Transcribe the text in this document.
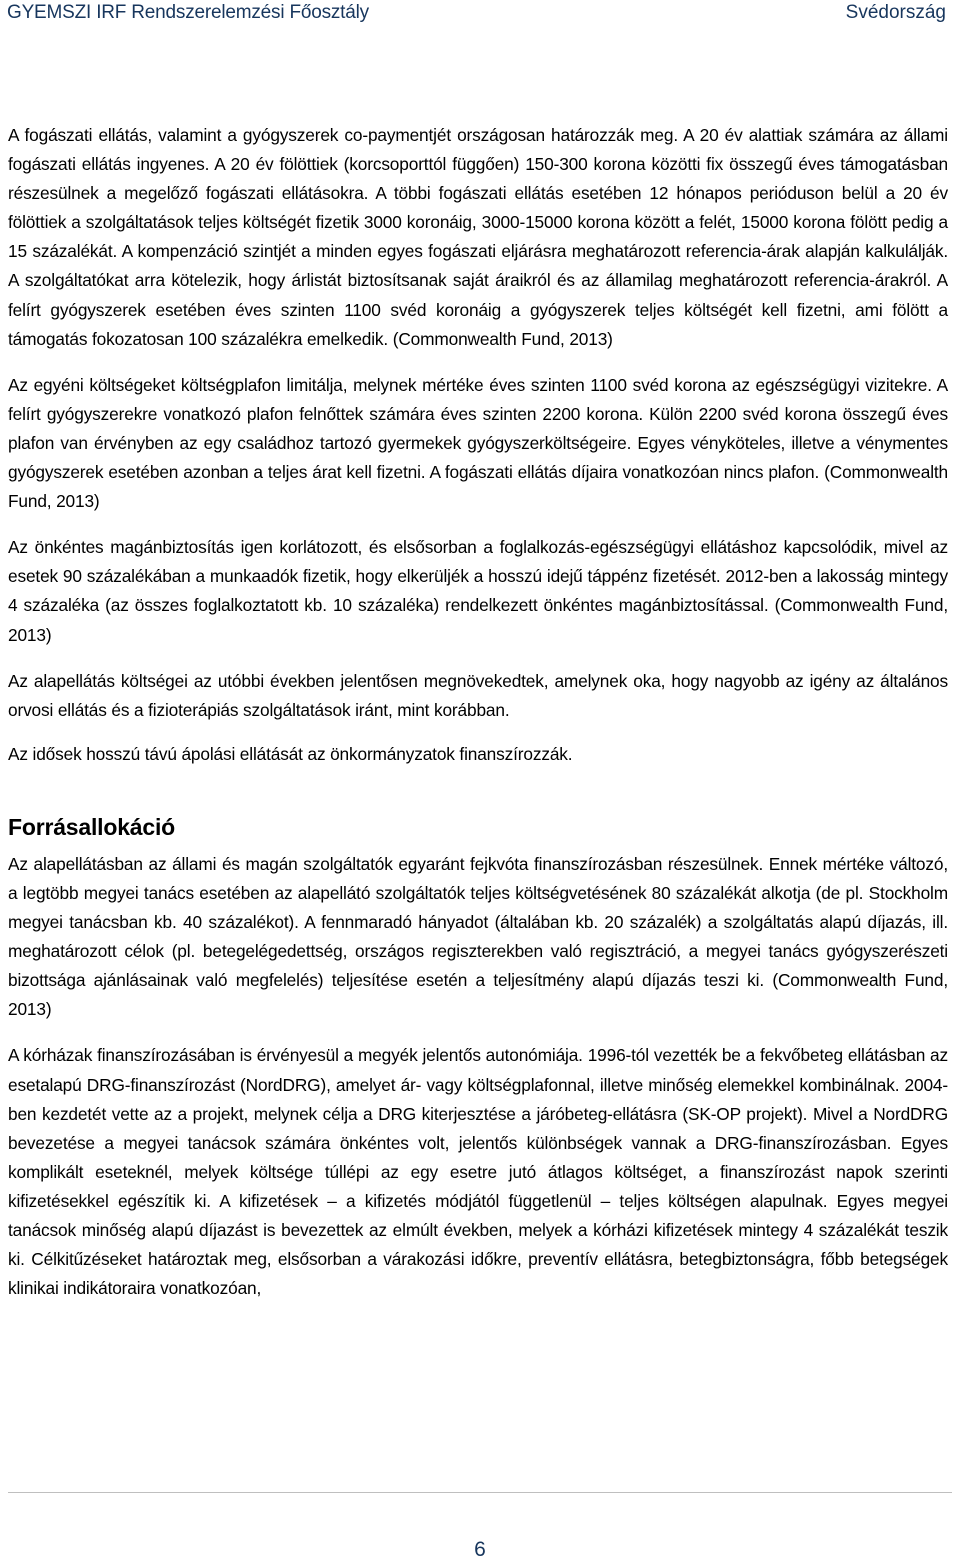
GYEMSZI IRF Rendszerelemzési Főosztály	Svédország

A fogászati ellátás, valamint a gyógyszerek co-paymentjét országosan határozzák meg. A 20 év alattiak számára az állami fogászati ellátás ingyenes. A 20 év fölöttiek (korcsoporttól függően) 150-300 korona közötti fix összegű éves támogatásban részesülnek a megelőző fogászati ellátásokra. A többi fogászati ellátás esetében 12 hónapos perióduson belül a 20 év fölöttiek a szolgáltatások teljes költségét fizetik 3000 koronáig, 3000-15000 korona között a felét, 15000 korona fölött pedig a 15 százalékát. A kompenzáció szintjét a minden egyes fogászati eljárásra meghatározott referencia-árak alapján kalkulálják. A szolgáltatókat arra kötelezik, hogy árlistát biztosítsanak saját áraikról és az államilag meghatározott referencia-árakról. A felírt gyógyszerek esetében éves szinten 1100 svéd koronáig a gyógyszerek teljes költségét kell fizetni, ami fölött a támogatás fokozatosan 100 százalékra emelkedik. (Commonwealth Fund, 2013)

Az egyéni költségeket költségplafon limitálja, melynek mértéke éves szinten 1100 svéd korona az egészségügyi vizitekre. A felírt gyógyszerekre vonatkozó plafon felnőttek számára éves szinten 2200 korona. Külön 2200 svéd korona összegű éves plafon van érvényben az egy családhoz tartozó gyermekek gyógyszerköltségeire. Egyes vényköteles, illetve a vénymentes gyógyszerek esetében azonban a teljes árat kell fizetni. A fogászati ellátás díjaira vonatkozóan nincs plafon. (Commonwealth Fund, 2013)

Az önkéntes magánbiztosítás igen korlátozott, és elsősorban a foglalkozás-egészségügyi ellátáshoz kapcsolódik, mivel az esetek 90 százalékában a munkaadók fizetik, hogy elkerüljék a hosszú idejű táppénz fizetését. 2012-ben a lakosság mintegy 4 százaléka (az összes foglalkoztatott kb. 10 százaléka) rendelkezett önkéntes magánbiztosítással. (Commonwealth Fund, 2013)

Az alapellátás költségei az utóbbi években jelentősen megnövekedtek, amelynek oka, hogy nagyobb az igény az általános orvosi ellátás és a fizioterápiás szolgáltatások iránt, mint korábban.

Az idősek hosszú távú ápolási ellátását az önkormányzatok finanszírozzák.

Forrásallokáció

Az alapellátásban az állami és magán szolgáltatók egyaránt fejkvóta finanszírozásban részesülnek. Ennek mértéke változó, a legtöbb megyei tanács esetében az alapellátó szolgáltatók teljes költségvetésének 80 százalékát alkotja (de pl. Stockholm megyei tanácsban kb. 40 százalékot). A fennmaradó hányadot (általában kb. 20 százalék) a szolgáltatás alapú díjazás, ill. meghatározott célok (pl. betegelégedettség, országos regiszterekben való regisztráció, a megyei tanács gyógyszerészeti bizottsága ajánlásainak való megfelelés) teljesítése esetén a teljesítmény alapú díjazás teszi ki. (Commonwealth Fund, 2013)

A kórházak finanszírozásában is érvényesül a megyék jelentős autonómiája. 1996-tól vezették be a fekvőbeteg ellátásban az esetalapú DRG-finanszírozást (NordDRG), amelyet ár- vagy költségplafonnal, illetve minőség elemekkel kombinálnak. 2004-ben kezdetét vette az a projekt, melynek célja a DRG kiterjesztése a járóbeteg-ellátásra (SK-OP projekt). Mivel a NordDRG bevezetése a megyei tanácsok számára önkéntes volt, jelentős különbségek vannak a DRG-finanszírozásban. Egyes komplikált eseteknél, melyek költsége túllépi az egy esetre jutó átlagos költséget, a finanszírozást napok szerinti kifizetésekkel egészítik ki. A kifizetések – a kifizetés módjától függetlenül – teljes költségen alapulnak. Egyes megyei tanácsok minőség alapú díjazást is bevezettek az elmúlt években, melyek a kórházi kifizetések mintegy 4 százalékát teszik ki. Célkitűzéseket határoztak meg, elsősorban a várakozási időkre, preventív ellátásra, betegbiztonságra, főbb betegségek klinikai indikátoraira vonatkozóan,

6
